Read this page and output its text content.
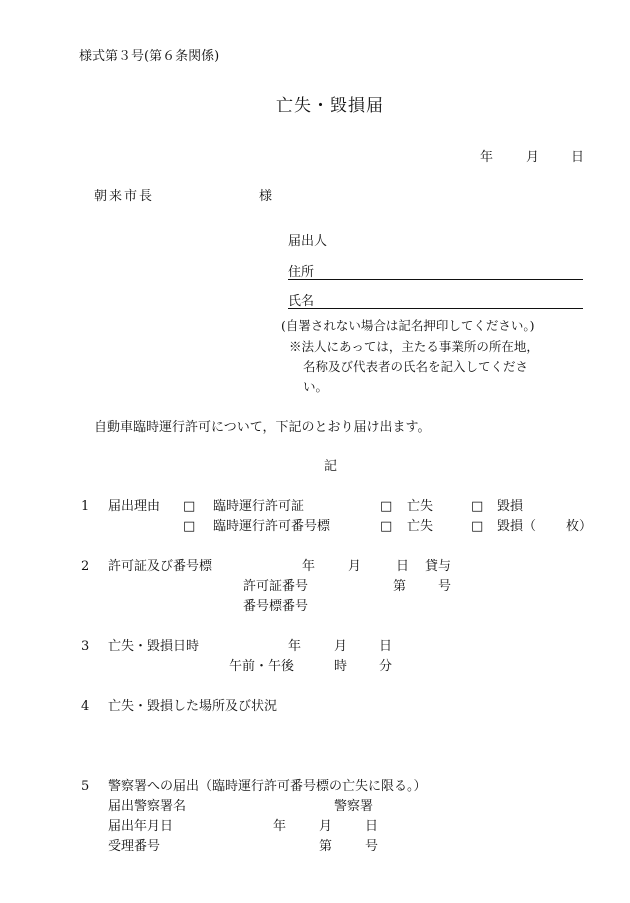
様式第３号(第６条関係)
亡失・毀損届
年	月 日
朝来市長	様
届出人
住所
氏名
(自署されない場合は記名押印してください。)
※法人にあっては，主たる事業所の所在地，
名称及び代表者の氏名を記入してくださ
い。
自動車臨時運行許可について，下記のとおり届け出ます。
記
1 届出理由 □ 臨時運行許可証	□ 亡失	□ 毀損
□ 臨時運行許可番号標	□ 亡失	□ 毀損（ 枚）
2 許可証及び番号標	年	月	日 貸与
許可証番号	第 号
番号標番号
3 亡失・毀損日時	年	月 日
午前・午後	時 分
4 亡失・毀損した場所及び状況
5 警察署への届出（臨時運行許可番号標の亡失に限る。）
届出警察署名	警察署
届出年月日	年	月	日
受理番号	第	号
